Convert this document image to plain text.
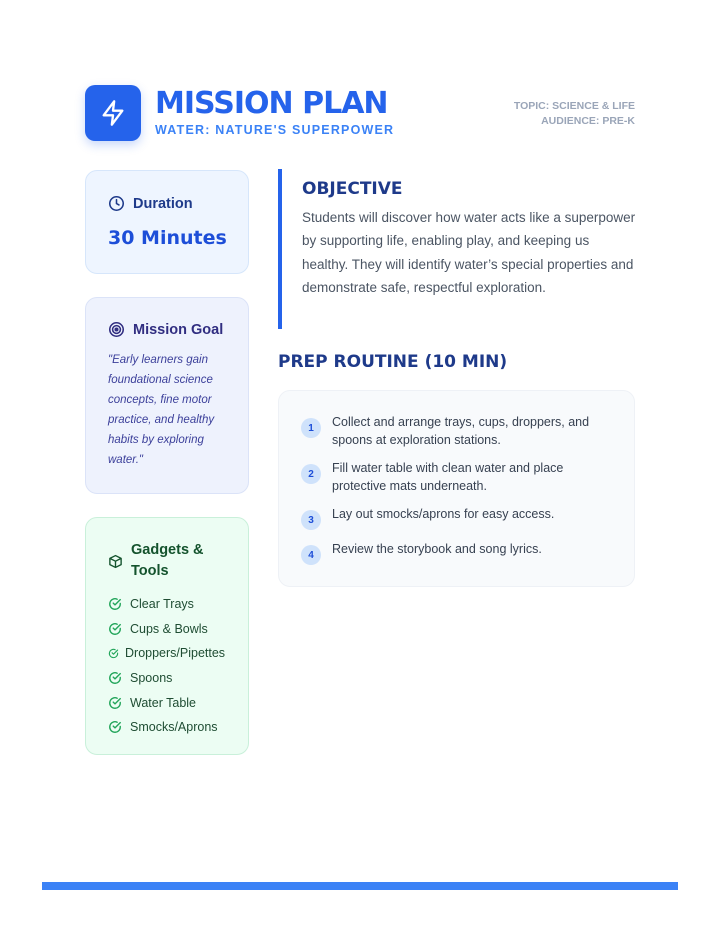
MISSION PLAN
WATER: NATURE'S SUPERPOWER
TOPIC: SCIENCE & LIFE
AUDIENCE: PRE-K
Duration
30 Minutes
Mission Goal
"Early learners gain foundational science concepts, fine motor practice, and healthy habits by exploring water."
Gadgets & Tools
Clear Trays
Cups & Bowls
Droppers/Pipettes
Spoons
Water Table
Smocks/Aprons
OBJECTIVE

Students will discover how water acts like a superpower by supporting life, enabling play, and keeping us healthy. They will identify water’s special properties and demonstrate safe, respectful exploration.

PREP ROUTINE (10 MIN)
1	Collect and arrange trays, cups, droppers, and spoons at exploration stations.
2	Fill water table with clean water and place protective mats underneath.
3	Lay out smocks/aprons for easy access.
4	Review the storybook and song lyrics.
